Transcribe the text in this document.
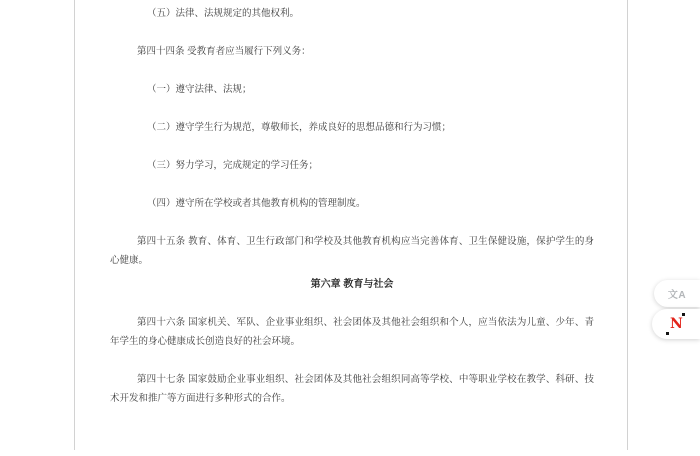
（五）法律、法规规定的其他权利。

第四十四条 受教育者应当履行下列义务：

（一）遵守法律、法规；

（二）遵守学生行为规范，尊敬师长，养成良好的思想品德和行为习惯；

（三）努力学习，完成规定的学习任务；

（四）遵守所在学校或者其他教育机构的管理制度。

第四十五条 教育、体育、卫生行政部门和学校及其他教育机构应当完善体育、卫生保健设施，保护学生的身心健康。

第六章 教育与社会

第四十六条 国家机关、军队、企业事业组织、社会团体及其他社会组织和个人，应当依法为儿童、少年、青年学生的身心健康成长创造良好的社会环境。

第四十七条 国家鼓励企业事业组织、社会团体及其他社会组织同高等学校、中等职业学校在教学、科研、技术开发和推广等方面进行多种形式的合作。

文A
N
